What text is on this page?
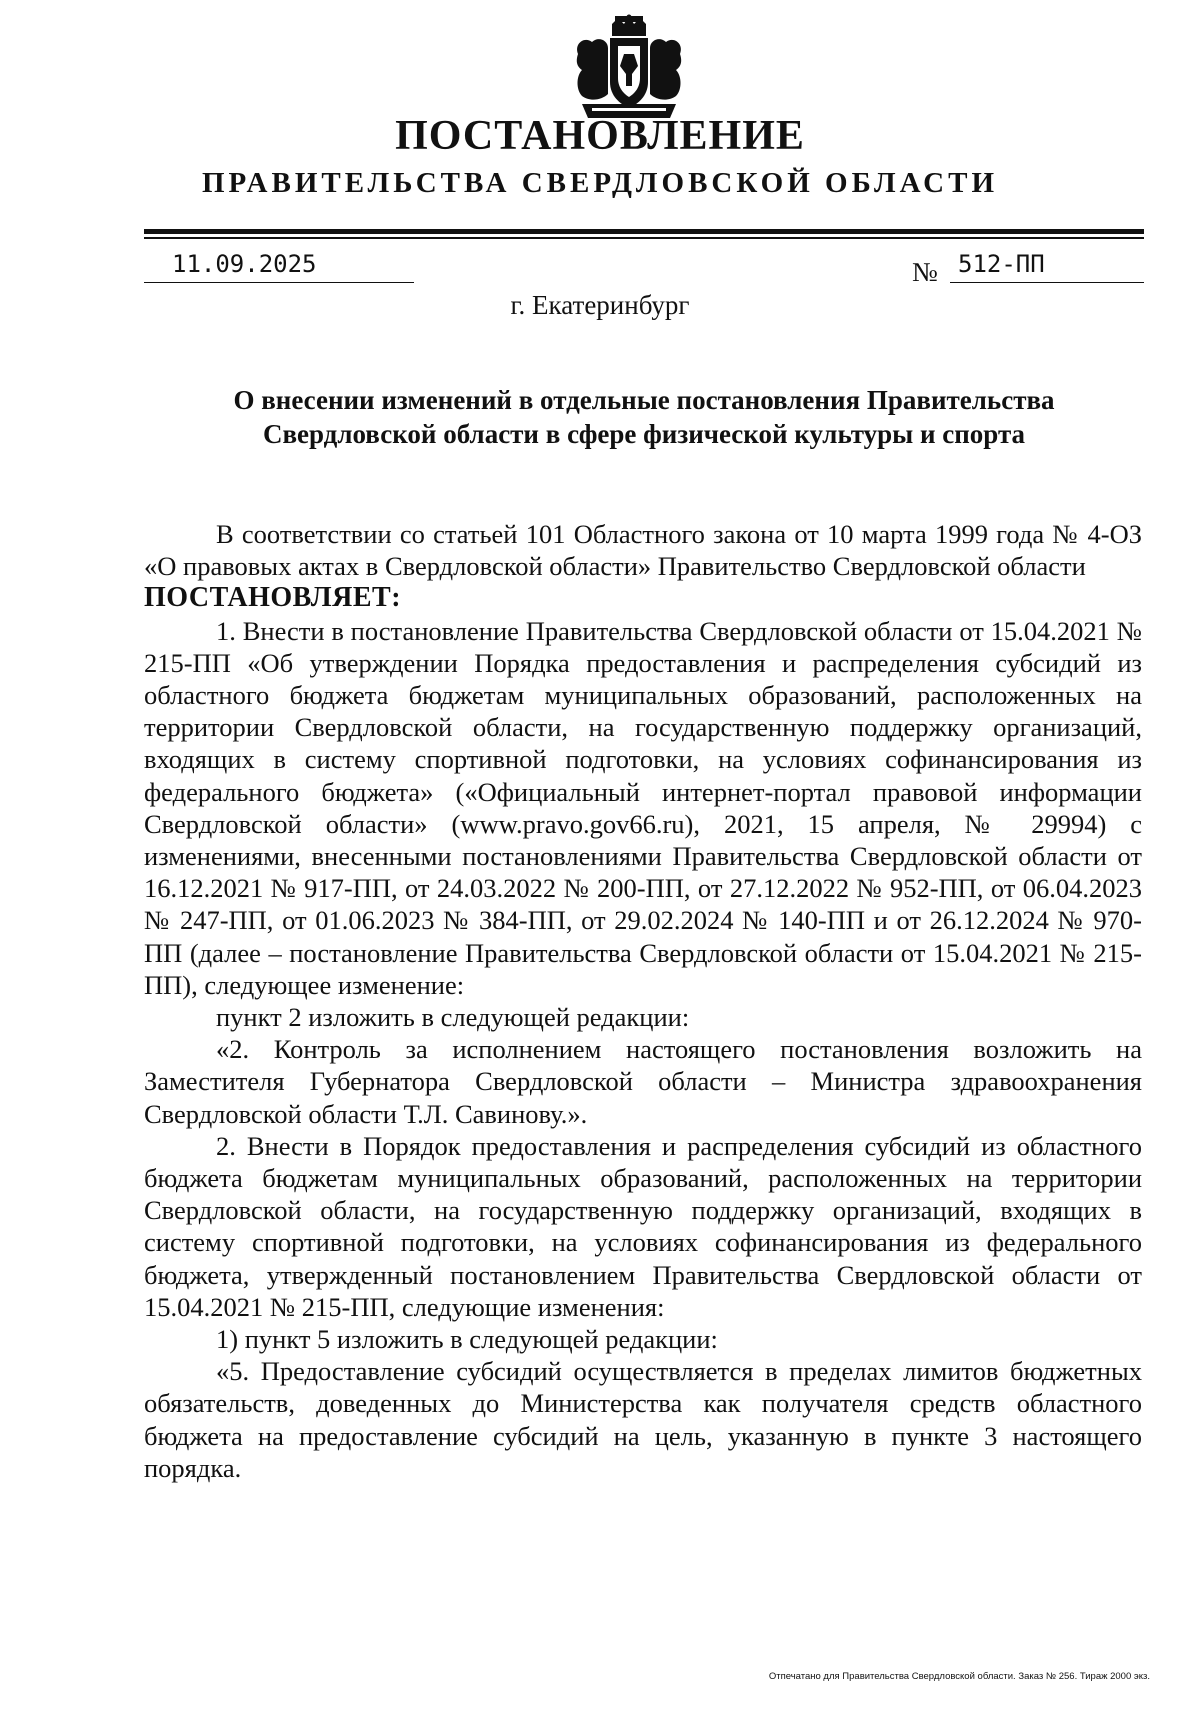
ПОСТАНОВЛЕНИЕ
ПРАВИТЕЛЬСТВА СВЕРДЛОВСКОЙ ОБЛАСТИ
11.09.2025	№ 512-ПП
г. Екатеринбург
О внесении изменений в отдельные постановления Правительства
Свердловской области в сфере физической культуры и спорта

В соответствии со статьей 101 Областного закона от 10 марта 1999 года № 4-ОЗ «О правовых актах в Свердловской области» Правительство Свердловской области

ПОСТАНОВЛЯЕТ:

1. Внести в постановление Правительства Свердловской области от 15.04.2021 № 215-ПП «Об утверждении Порядка предоставления и распределения субсидий из областного бюджета бюджетам муниципальных образований, расположенных на территории Свердловской области, на государственную поддержку организаций, входящих в систему спортивной подготовки, на условиях софинансирования из федерального бюджета» («Официальный интернет-портал правовой информации Свердловской области» (www.pravo.gov66.ru), 2021, 15 апреля, № 29994) с изменениями, внесенными постановлениями Правительства Свердловской области от 16.12.2021 № 917-ПП, от 24.03.2022 № 200-ПП, от 27.12.2022 № 952-ПП, от 06.04.2023 № 247-ПП, от 01.06.2023 № 384-ПП, от 29.02.2024 № 140-ПП и от 26.12.2024 № 970-ПП (далее – постановление Правительства Свердловской области от 15.04.2021 № 215-ПП), следующее изменение:

пункт 2 изложить в следующей редакции:

«2. Контроль за исполнением настоящего постановления возложить на Заместителя Губернатора Свердловской области – Министра здравоохранения Свердловской области Т.Л. Савинову.».

2. Внести в Порядок предоставления и распределения субсидий из областного бюджета бюджетам муниципальных образований, расположенных на территории Свердловской области, на государственную поддержку организаций, входящих в систему спортивной подготовки, на условиях софинансирования из федерального бюджета, утвержденный постановлением Правительства Свердловской области от 15.04.2021 № 215-ПП, следующие изменения:

1) пункт 5 изложить в следующей редакции:

«5. Предоставление субсидий осуществляется в пределах лимитов бюджетных обязательств, доведенных до Министерства как получателя средств областного бюджета на предоставление субсидий на цель, указанную в пункте 3 настоящего порядка.

Отпечатано для Правительства Свердловской области. Заказ № 256. Тираж 2000 экз.
